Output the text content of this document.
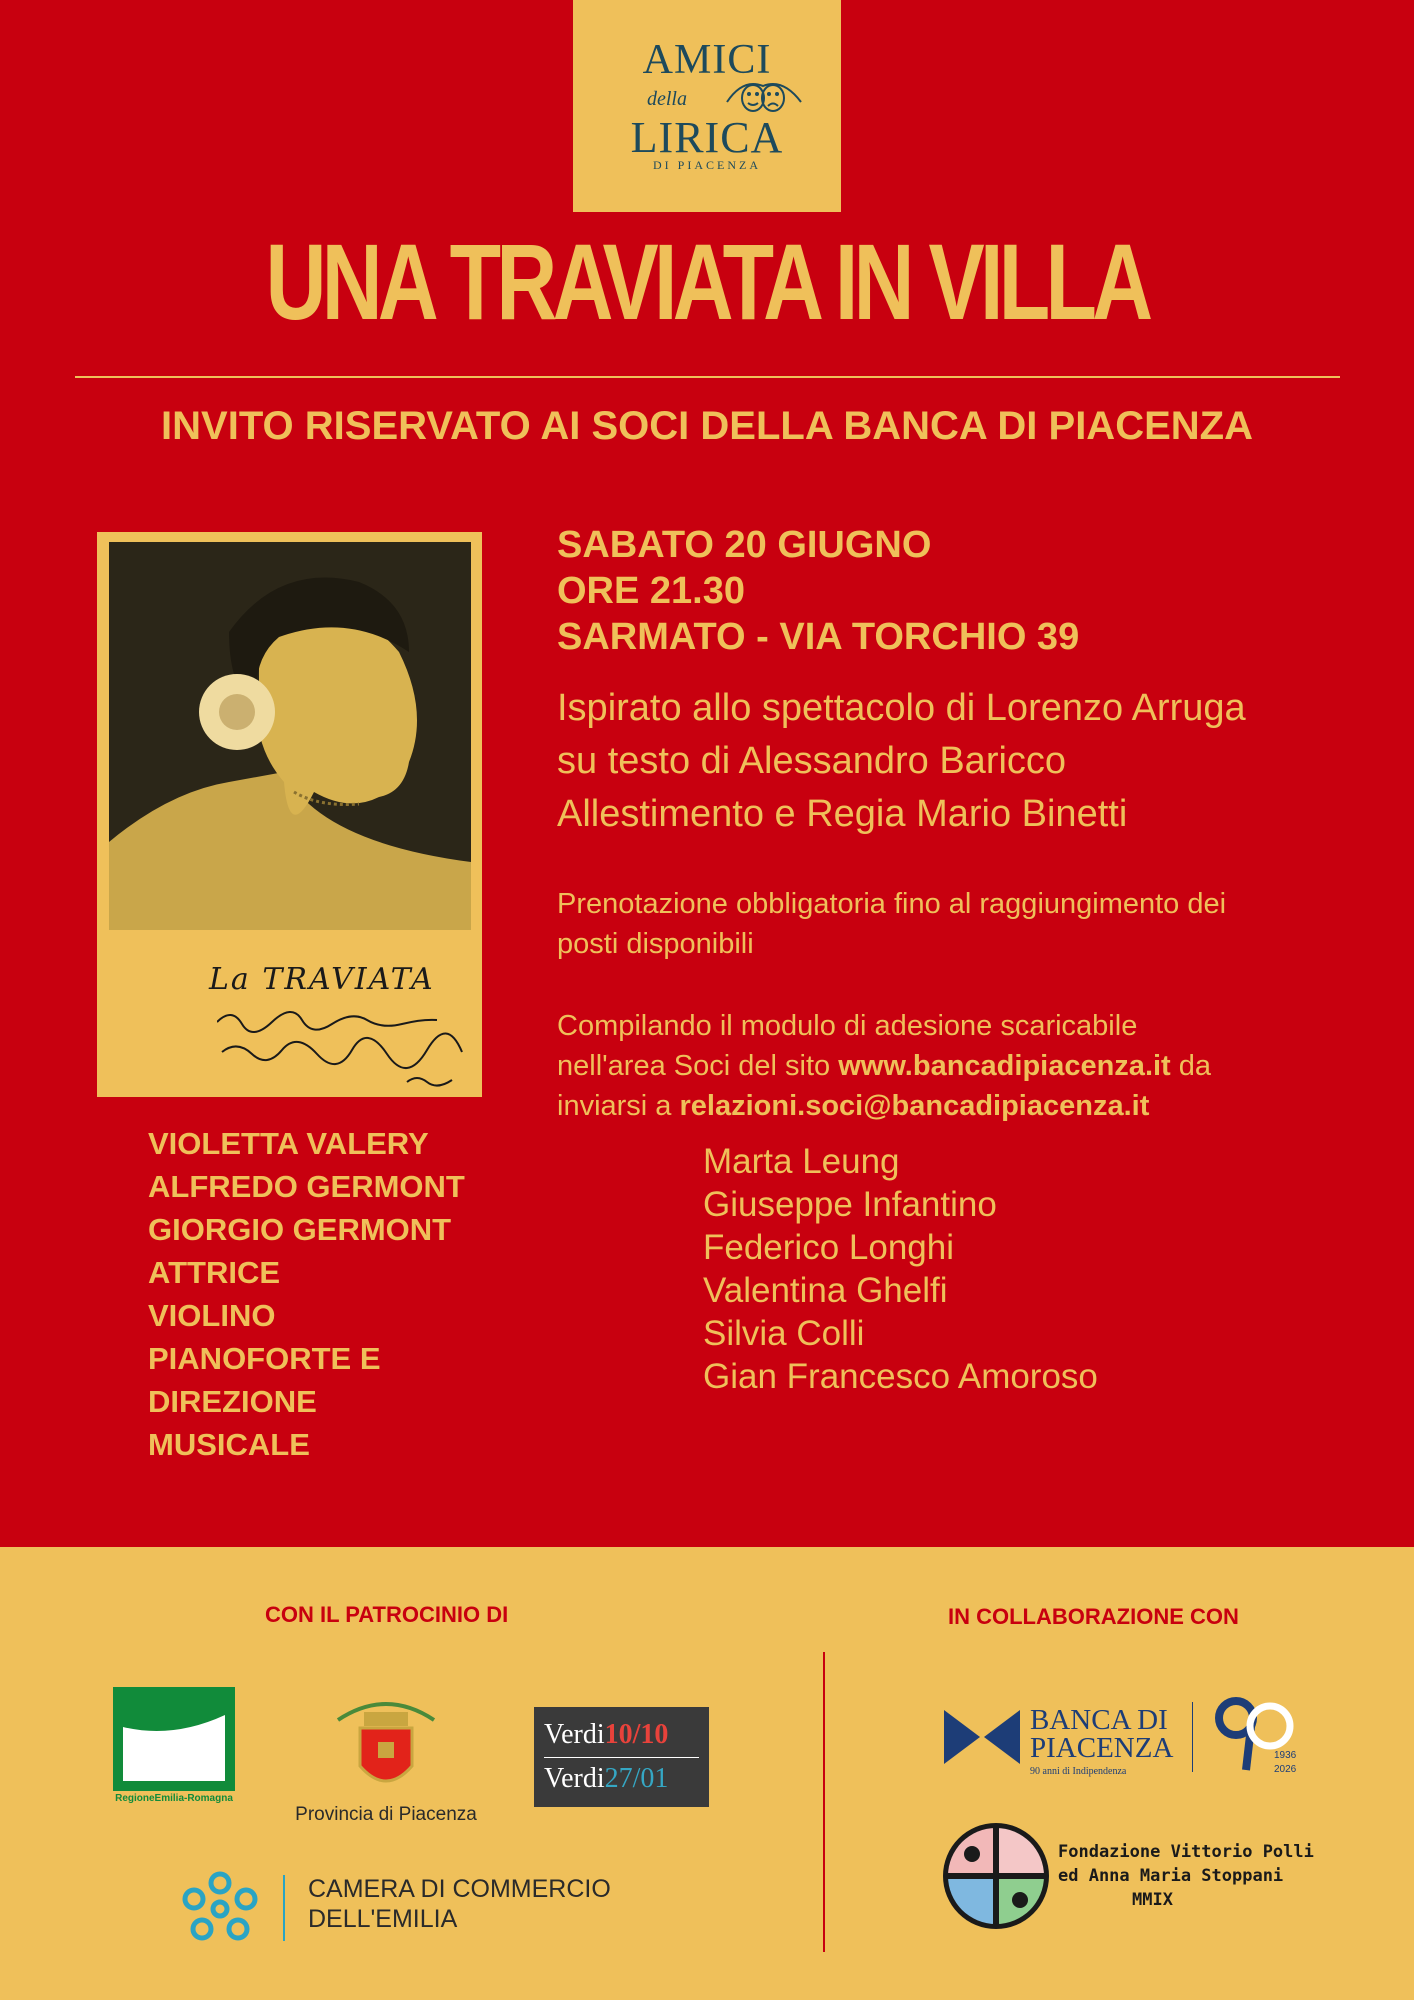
AMICI
della
LIRICA
DI PIACENZA
UNA TRAVIATA IN VILLA
INVITO RISERVATO AI SOCI DELLA BANCA DI PIACENZA
La TRAVIATA
SABATO 20 GIUGNO
ORE 21.30
SARMATO - VIA TORCHIO 39
Ispirato allo spettacolo di Lorenzo Arruga
su testo di Alessandro Baricco
Allestimento e Regia Mario Binetti
Prenotazione obbligatoria fino al raggiungimento dei
posti disponibili
Compilando il modulo di adesione scaricabile
nell'area Soci del sito www.bancadipiacenza.it da
inviarsi a relazioni.soci@bancadipiacenza.it
VIOLETTA VALERY
ALFREDO GERMONT
GIORGIO GERMONT
ATTRICE
VIOLINO
PIANOFORTE E
DIREZIONE
MUSICALE
Marta Leung
Giuseppe Infantino
Federico Longhi
Valentina Ghelfi
Silvia Colli
Gian Francesco Amoroso
CON IL PATROCINIO DI	IN COLLABORAZIONE CON
RegioneEmilia-Romagna
Provincia di Piacenza
Verdi10/10
Verdi27/01
CAMERA DI COMMERCIO
DELL'EMILIA
BANCA DI
PIACENZA
90 anni di Indipendenza
1936
2026
Fondazione Vittorio Polli
ed Anna Maria Stoppani
MMIX
